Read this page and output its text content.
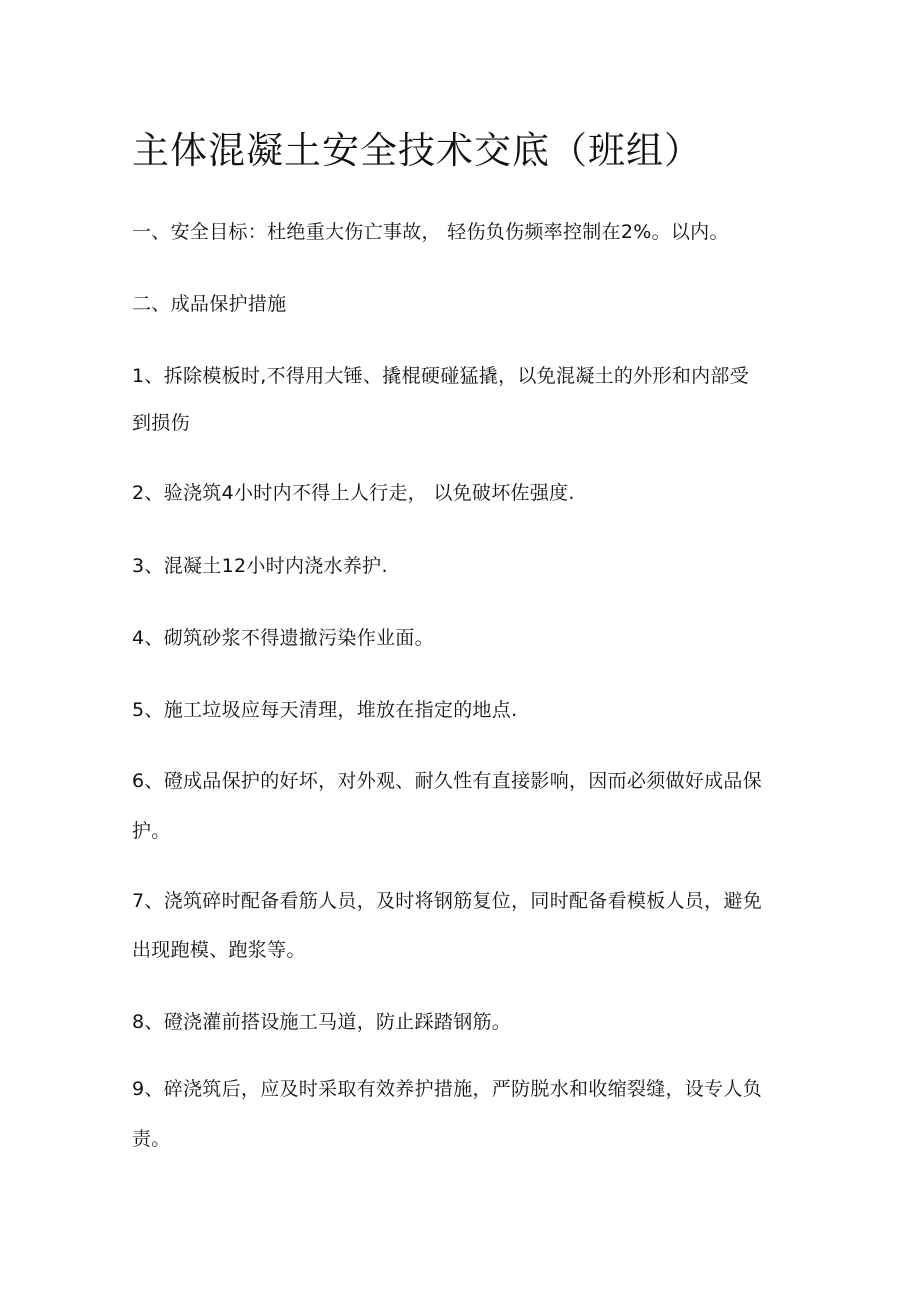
主体混凝土安全技术交底（班组）

一、安全目标：杜绝重大伤亡事故， 轻伤负伤频率控制在2%。以内。

二、成品保护措施

1、拆除模板时,不得用大锤、撬棍硬碰猛撬，以免混凝土的外形和内部受

到损伤

2、验浇筑4小时内不得上人行走， 以免破坏佐强度.

3、混凝土12小时内浇水养护.

4、砌筑砂浆不得遗撤污染作业面。

5、施工垃圾应每天清理，堆放在指定的地点.

6、磴成品保护的好坏，对外观、耐久性有直接影响，因而必须做好成品保

护。

7、浇筑碎时配备看筋人员，及时将钢筋复位，同时配备看模板人员，避免

出现跑模、跑浆等。

8、磴浇灌前搭设施工马道，防止踩踏钢筋。

9、碎浇筑后，应及时采取有效养护措施，严防脱水和收缩裂缝，设专人负

责。
